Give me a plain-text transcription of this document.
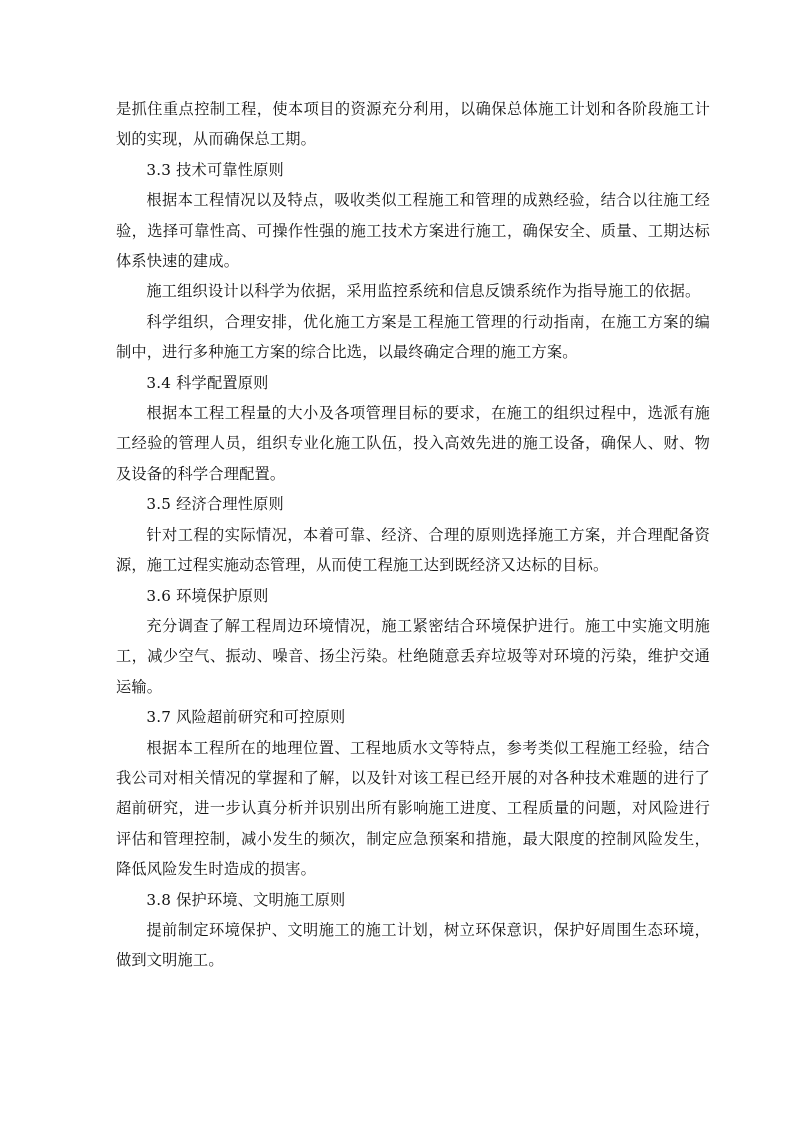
是抓住重点控制工程，使本项目的资源充分利用，以确保总体施工计划和各阶段施工计划的实现，从而确保总工期。

3.3 技术可靠性原则

根据本工程情况以及特点，吸收类似工程施工和管理的成熟经验，结合以往施工经验，选择可靠性高、可操作性强的施工技术方案进行施工，确保安全、质量、工期达标体系快速的建成。

施工组织设计以科学为依据，采用监控系统和信息反馈系统作为指导施工的依据。

科学组织，合理安排，优化施工方案是工程施工管理的行动指南，在施工方案的编制中，进行多种施工方案的综合比选，以最终确定合理的施工方案。

3.4 科学配置原则

根据本工程工程量的大小及各项管理目标的要求，在施工的组织过程中，选派有施工经验的管理人员，组织专业化施工队伍，投入高效先进的施工设备，确保人、财、物及设备的科学合理配置。

3.5 经济合理性原则

针对工程的实际情况，本着可靠、经济、合理的原则选择施工方案，并合理配备资源，施工过程实施动态管理，从而使工程施工达到既经济又达标的目标。

3.6 环境保护原则

充分调查了解工程周边环境情况，施工紧密结合环境保护进行。施工中实施文明施工，减少空气、振动、噪音、扬尘污染。杜绝随意丢弃垃圾等对环境的污染，维护交通运输。

3.7 风险超前研究和可控原则

根据本工程所在的地理位置、工程地质水文等特点，参考类似工程施工经验，结合我公司对相关情况的掌握和了解，以及针对该工程已经开展的对各种技术难题的进行了超前研究，进一步认真分析并识别出所有影响施工进度、工程质量的问题，对风险进行评估和管理控制，减小发生的频次，制定应急预案和措施，最大限度的控制风险发生，降低风险发生时造成的损害。

3.8 保护环境、文明施工原则

提前制定环境保护、文明施工的施工计划，树立环保意识，保护好周围生态环境，做到文明施工。
